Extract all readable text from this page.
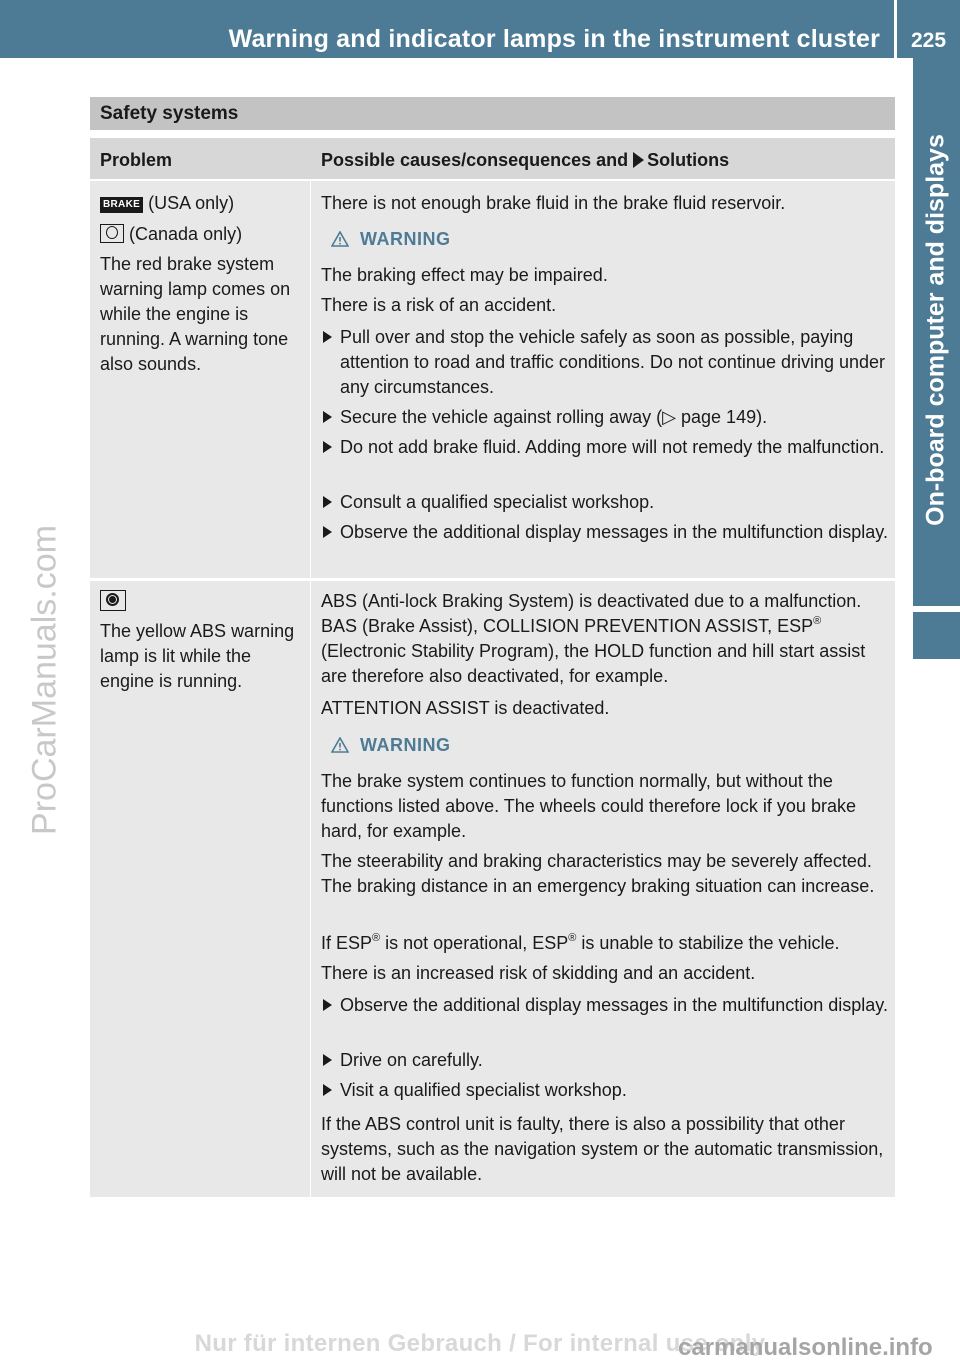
Warning and indicator lamps in the instrument cluster	225
On-board computer and displays
ProCarManuals.com
Safety systems
Problem	Possible causes/consequences and Solutions
BRAKE (USA only)
(Canada only)
The red brake system warning lamp comes on while the engine is running. A warning tone also sounds.
There is not enough brake fluid in the brake fluid reservoir.
WARNING
The braking effect may be impaired.
There is a risk of an accident.
Pull over and stop the vehicle safely as soon as possible, paying attention to road and traffic conditions. Do not continue driving under any circumstances.
Secure the vehicle against rolling away (▷ page 149).
Do not add brake fluid. Adding more will not remedy the malfunction.
Consult a qualified specialist workshop.
Observe the additional display messages in the multifunction display.
The yellow ABS warning lamp is lit while the engine is running.
ABS (Anti-lock Braking System) is deactivated due to a malfunction. BAS (Brake Assist), COLLISION PREVENTION ASSIST, ESP® (Electronic Stability Program), the HOLD function and hill start assist are therefore also deactivated, for example.
ATTENTION ASSIST is deactivated.
WARNING
The brake system continues to function normally, but without the functions listed above. The wheels could therefore lock if you brake hard, for example.
The steerability and braking characteristics may be severely affected. The braking distance in an emergency braking situation can increase.
If ESP® is not operational, ESP® is unable to stabilize the vehicle.
There is an increased risk of skidding and an accident.
Observe the additional display messages in the multifunction display.
Drive on carefully.
Visit a qualified specialist workshop.
If the ABS control unit is faulty, there is also a possibility that other systems, such as the navigation system or the automatic transmission, will not be available.
Nur für internen Gebrauch / For internal use only
carmanualsonline.info
